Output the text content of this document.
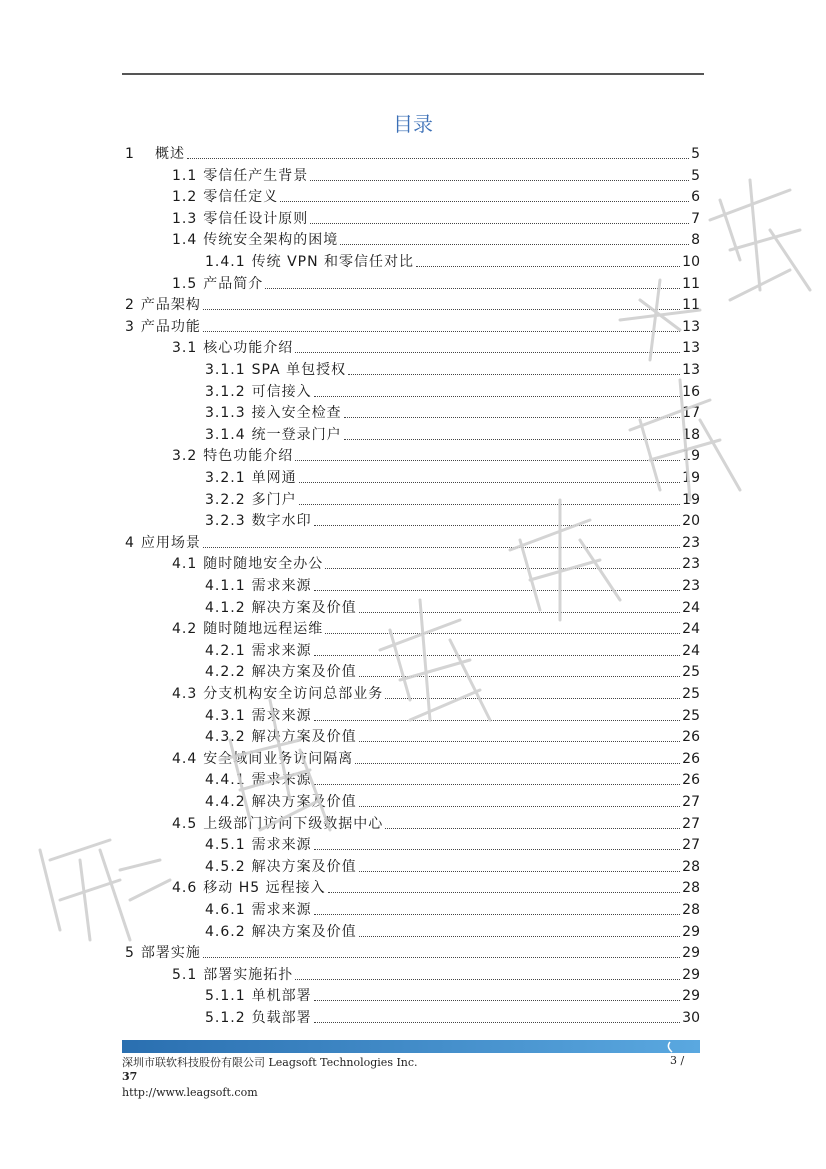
目录
1 概述	5
1.1 零信任产生背景	5
1.2 零信任定义	6
1.3 零信任设计原则	7
1.4 传统安全架构的困境	8
1.4.1 传统 VPN 和零信任对比	10
1.5 产品简介	11
2 产品架构	11
3 产品功能	13
3.1 核心功能介绍	13
3.1.1 SPA 单包授权	13
3.1.2 可信接入	16
3.1.3 接入安全检查	17
3.1.4 统一登录门户	18
3.2 特色功能介绍	19
3.2.1 单网通	19
3.2.2 多门户	19
3.2.3 数字水印	20
4 应用场景	23
4.1 随时随地安全办公	23
4.1.1 需求来源	23
4.1.2 解决方案及价值	24
4.2 随时随地远程运维	24
4.2.1 需求来源	24
4.2.2 解决方案及价值	25
4.3 分支机构安全访问总部业务	25
4.3.1 需求来源	25
4.3.2 解决方案及价值	26
4.4 安全域间业务访问隔离	26
4.4.1 需求来源	26
4.4.2 解决方案及价值	27
4.5 上级部门访问下级数据中心	27
4.5.1 需求来源	27
4.5.2 解决方案及价值	28
4.6 移动 H5 远程接入	28
4.6.1 需求来源	28
4.6.2 解决方案及价值	29
5 部署实施	29
5.1 部署实施拓扑	29
5.1.1 单机部署	29
5.1.2 负载部署	30
深圳市联软科技股份有限公司 Leagsoft Technologies Inc.	3 /
37
http://www.leagsoft.com
